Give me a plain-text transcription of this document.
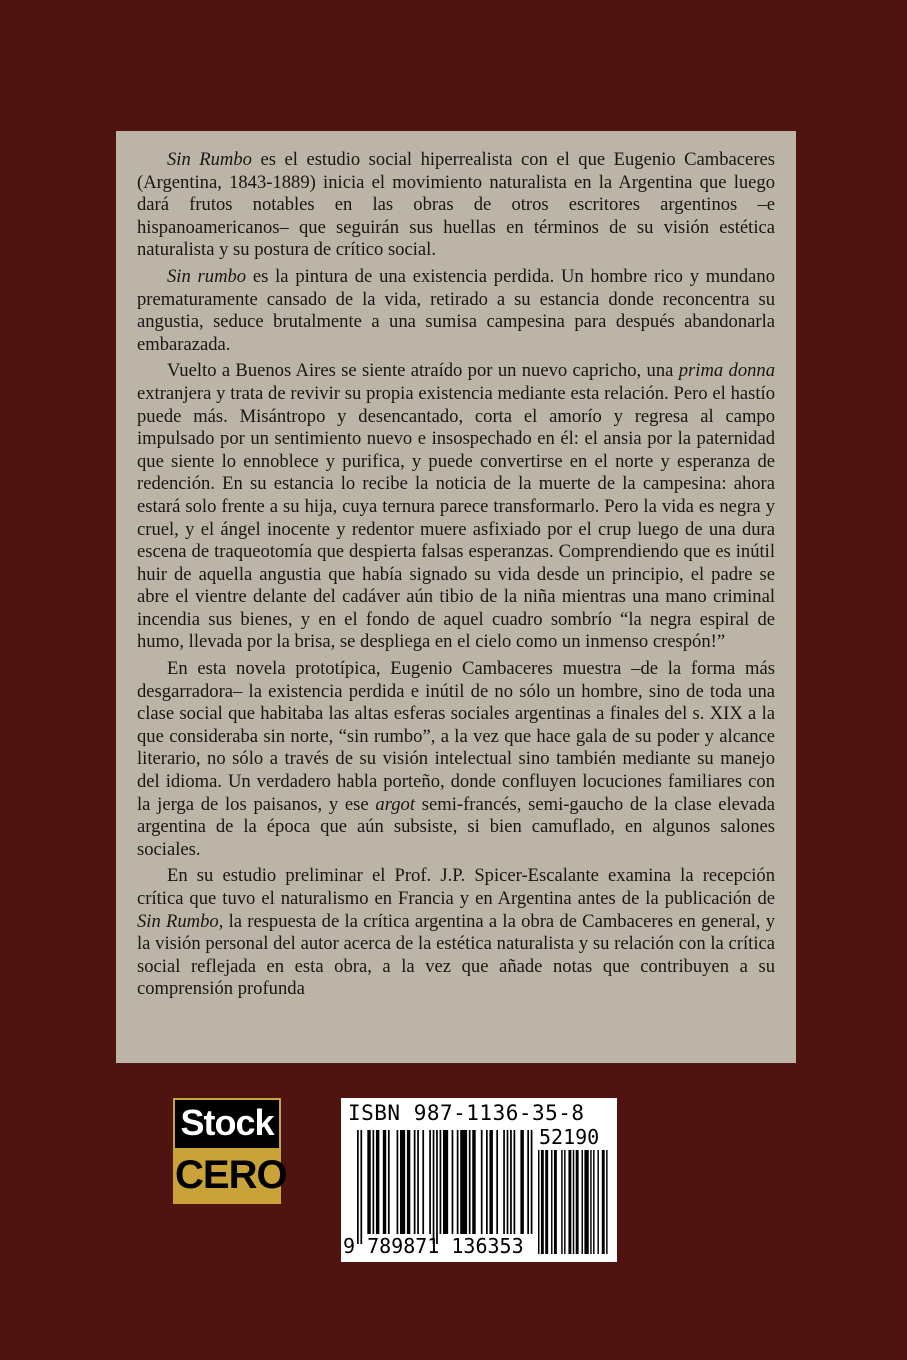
Sin Rumbo es el estudio social hiperrealista con el que Eugenio Cambaceres (Argentina, 1843-1889) inicia el movimiento naturalista en la Argentina que luego dará frutos notables en las obras de otros escritores argentinos –e hispanoamericanos– que seguirán sus huellas en términos de su visión estética naturalista y su postura de crítico social.

Sin rumbo es la pintura de una existencia perdida. Un hombre rico y mundano prematuramente cansado de la vida, retirado a su estancia donde reconcentra su angustia, seduce brutalmente a una sumisa campesina para después abandonarla embarazada.

Vuelto a Buenos Aires se siente atraído por un nuevo capricho, una prima donna extranjera y trata de revivir su propia existencia mediante esta relación. Pero el hastío puede más. Misántropo y desencantado, corta el amorío y regresa al campo impulsado por un sentimiento nuevo e insospechado en él: el ansia por la paternidad que siente lo ennoblece y purifica, y puede convertirse en el norte y esperanza de redención. En su estancia lo recibe la noticia de la muerte de la campesina: ahora estará solo frente a su hija, cuya ternura parece transformarlo. Pero la vida es negra y cruel, y el ángel inocente y redentor muere asfixiado por el crup luego de una dura escena de traqueotomía que despierta falsas esperanzas. Comprendiendo que es inútil huir de aquella angustia que había signado su vida desde un principio, el padre se abre el vientre delante del cadáver aún tibio de la niña mientras una mano criminal incendia sus bienes, y en el fondo de aquel cuadro sombrío “la negra espiral de humo, llevada por la brisa, se despliega en el cielo como un inmenso crespón!”

En esta novela prototípica, Eugenio Cambaceres muestra –de la forma más desgarradora– la existencia perdida e inútil de no sólo un hombre, sino de toda una clase social que habitaba las altas esferas sociales argentinas a finales del s. XIX a la que consideraba sin norte, “sin rumbo”, a la vez que hace gala de su poder y alcance literario, no sólo a través de su visión intelectual sino también mediante su manejo del idioma. Un verdadero habla porteño, donde confluyen locuciones familiares con la jerga de los paisanos, y ese argot semi-francés, semi-gaucho de la clase elevada argentina de la época que aún subsiste, si bien camuflado, en algunos salones sociales.

En su estudio preliminar el Prof. J.P. Spicer-Escalante examina la recepción crítica que tuvo el naturalismo en Francia y en Argentina antes de la publicación de Sin Rumbo, la respuesta de la crítica argentina a la obra de Cambaceres en general, y la visión personal del autor acerca de la estética naturalista y su relación con la crítica social reflejada en esta obra, a la vez que añade notas que contribuyen a su comprensión profunda

Stock
CERO
ISBN 987-1136-35-8
52190
9 789871 136353
